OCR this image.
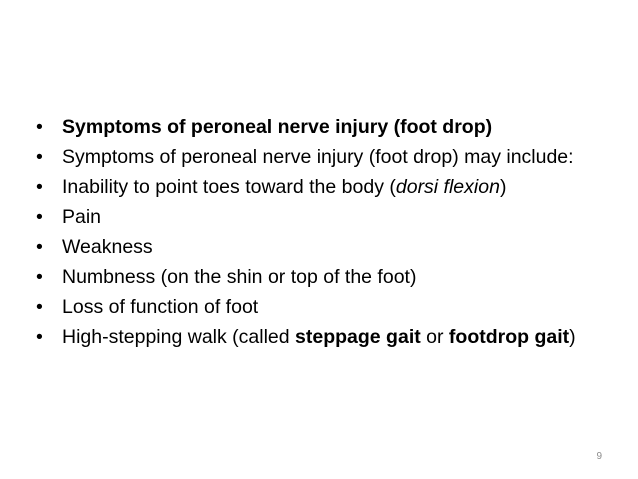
• Symptoms of peroneal nerve injury (foot drop)
• Symptoms of peroneal nerve injury (foot drop) may include:
• Inability to point toes toward the body (dorsi flexion)
• Pain
• Weakness
• Numbness (on the shin or top of the foot)
• Loss of function of foot
• High-stepping walk (called steppage gait or footdrop gait)
9
